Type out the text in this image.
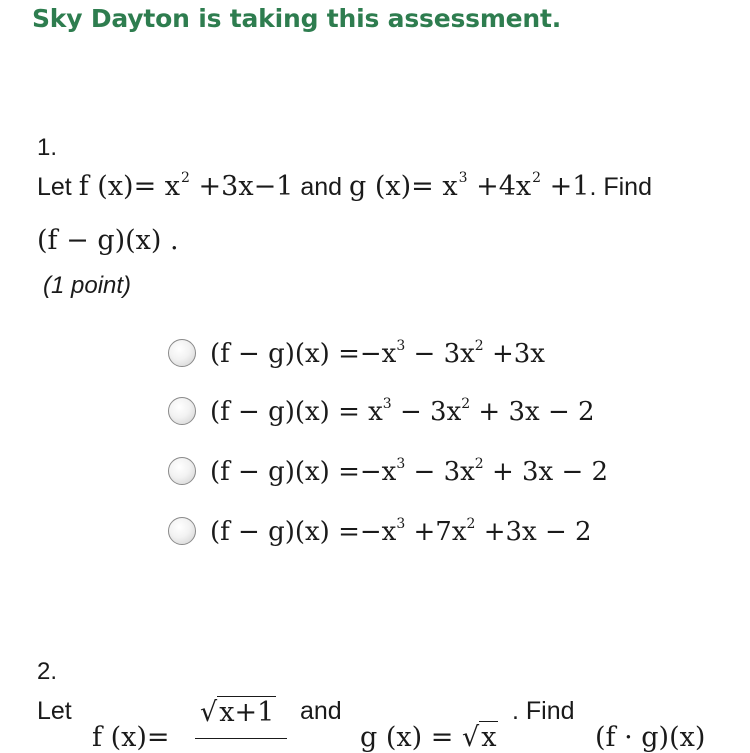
Sky Dayton is taking this assessment.
1.
Let f $(x)= x^2 +3x-1$ and g $(x)= x^3 +4x^2 +1$. Find
(f − g)(x) .
(1 point)
$(f - g)(x) =-x^3 - 3x^2 +3x$
$(f - g)(x) = x^3 - 3x^2 + 3x - 2$
$(f - g)(x) =-x^3 - 3x^2 + 3x - 2$
$(f - g)(x) =-x^3 +7x^2 +3x - 2$
2.
Let
f (x)=
√x+1 and
g (x) = √x
. Find
(f · g)(x)
